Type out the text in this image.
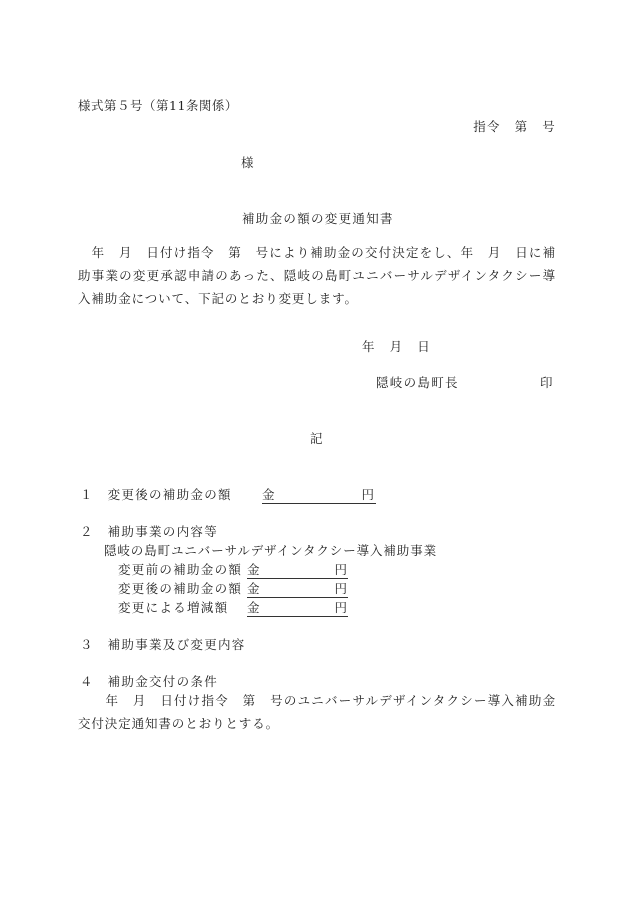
様式第５号（第11条関係）
指令　第　号
様
補助金の額の変更通知書
　年　月　日付け指令　第　号により補助金の交付決定をし、年　月　日に補助事業の変更承認申請のあった、隠岐の島町ユニバーサルデザインタクシー導入補助金について、下記のとおり変更します。
年　月　日
隠岐の島町長	印
記
１　変更後の補助金の額 金	円
２　補助事業の内容等
隠岐の島町ユニバーサルデザインタクシー導入補助事業
変更前の補助金の額 金	円
変更後の補助金の額 金	円
変更による増減額 金	円
３　補助事業及び変更内容
４　補助金交付の条件
　　年　月　日付け指令　第　号のユニバーサルデザインタクシー導入補助金交付決定通知書のとおりとする。
